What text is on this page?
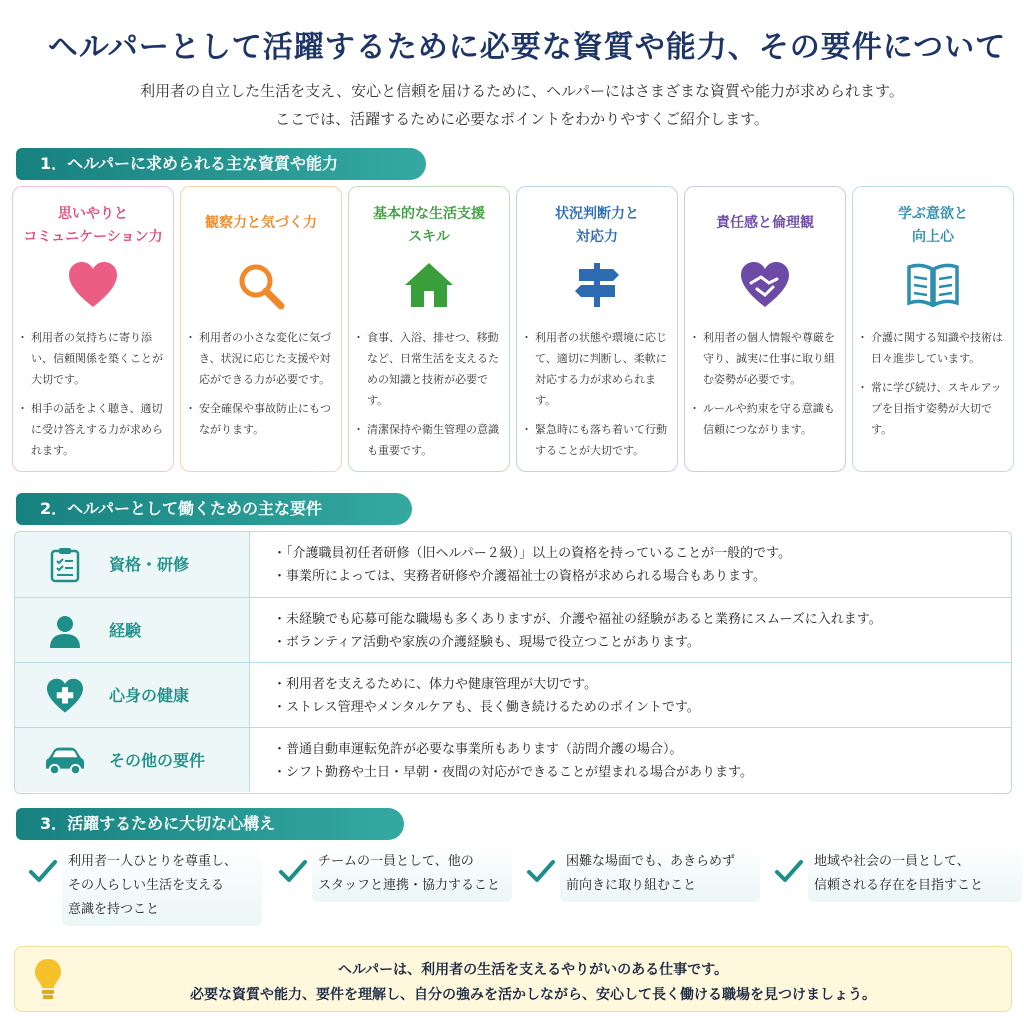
ヘルパーとして活躍するために必要な資質や能力、その要件について
利用者の自立した生活を支え、安心と信頼を届けるために、ヘルパーにはさまざまな資質や能力が求められます。
ここでは、活躍するために必要なポイントをわかりやすくご紹介します。
1．ヘルパーに求められる主な資質や能力
思いやりと
コミュニケーション力
・ 利用者の気持ちに寄り添い、信頼関係を築くことが大切です。
・ 相手の話をよく聴き、適切に受け答えする力が求められます。
観察力と気づく力
・ 利用者の小さな変化に気づき、状況に応じた支援や対応ができる力が必要です。
・ 安全確保や事故防止にもつながります。
基本的な生活支援
スキル
・ 食事、入浴、排せつ、移動など、日常生活を支えるための知識と技術が必要です。
・ 清潔保持や衛生管理の意識も重要です。
状況判断力と
対応力
・ 利用者の状態や環境に応じて、適切に判断し、柔軟に対応する力が求められます。
・ 緊急時にも落ち着いて行動することが大切です。
責任感と倫理観
・ 利用者の個人情報や尊厳を守り、誠実に仕事に取り組む姿勢が必要です。
・ ルールや約束を守る意識も信頼につながります。
学ぶ意欲と
向上心
・ 介護に関する知識や技術は日々進歩しています。
・ 常に学び続け、スキルアップを目指す姿勢が大切です。
2．ヘルパーとして働くための主な要件
資格・研修
・「介護職員初任者研修（旧ヘルパー２級）」以上の資格を持っていることが一般的です。
・事業所によっては、実務者研修や介護福祉士の資格が求められる場合もあります。
経験
・未経験でも応募可能な職場も多くありますが、介護や福祉の経験があると業務にスムーズに入れます。
・ボランティア活動や家族の介護経験も、現場で役立つことがあります。
心身の健康
・利用者を支えるために、体力や健康管理が大切です。
・ストレス管理やメンタルケアも、長く働き続けるためのポイントです。
その他の要件
・普通自動車運転免許が必要な事業所もあります（訪問介護の場合）。
・シフト勤務や土日・早朝・夜間の対応ができることが望まれる場合があります。
3．活躍するために大切な心構え
利用者一人ひとりを尊重し、
その人らしい生活を支える
意識を持つこと
チームの一員として、他の
スタッフと連携・協力すること
困難な場面でも、あきらめず
前向きに取り組むこと
地域や社会の一員として、
信頼される存在を目指すこと
ヘルパーは、利用者の生活を支えるやりがいのある仕事です。
必要な資質や能力、要件を理解し、自分の強みを活かしながら、安心して長く働ける職場を見つけましょう。
